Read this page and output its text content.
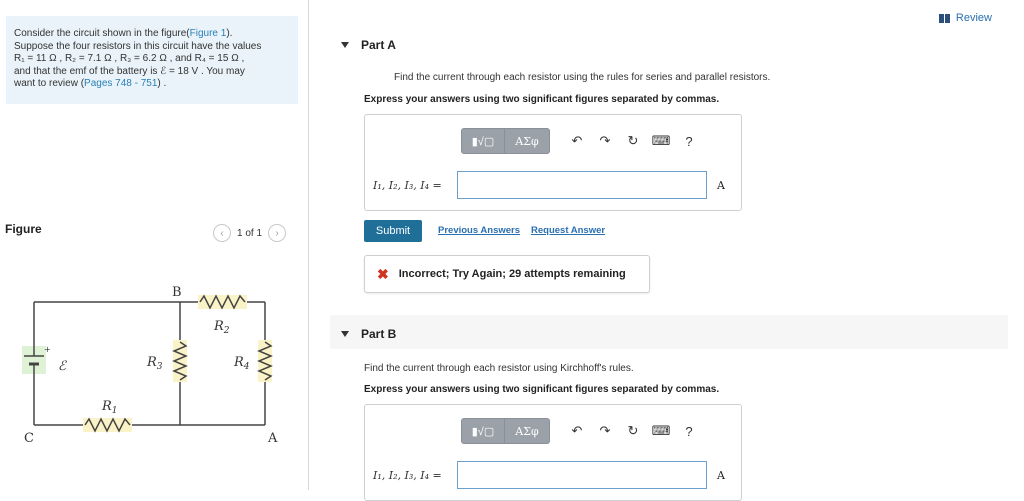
Consider the circuit shown in the figure(Figure 1).
Suppose the four resistors in this circuit have the values
R₁ = 11 Ω , R₂ = 7.1 Ω , R₃ = 6.2 Ω , and R₄ = 15 Ω ,
and that the emf of the battery is ℰ = 18 V . You may
want to review (Pages 748 - 751) .
Figure	‹	1 of 1	›
+
ℰ
B
A
C
$R_2$
$R_3$	$R_4$
$R_1$
Review
Part A
Find the current through each resistor using the rules for series and parallel resistors.
Express your answers using two significant figures separated by commas.
▮√▢	ΑΣφ	↶	↷	↻	⌨	?
I₁, I₂, I₃, I₄ =	A
Submit	Previous Answers Request Answer
✖ Incorrect; Try Again; 29 attempts remaining
Part B
Find the current through each resistor using Kirchhoff's rules.
Express your answers using two significant figures separated by commas.
▮√▢	ΑΣφ	↶	↷	↻	⌨	?
I₁, I₂, I₃, I₄ =	A
